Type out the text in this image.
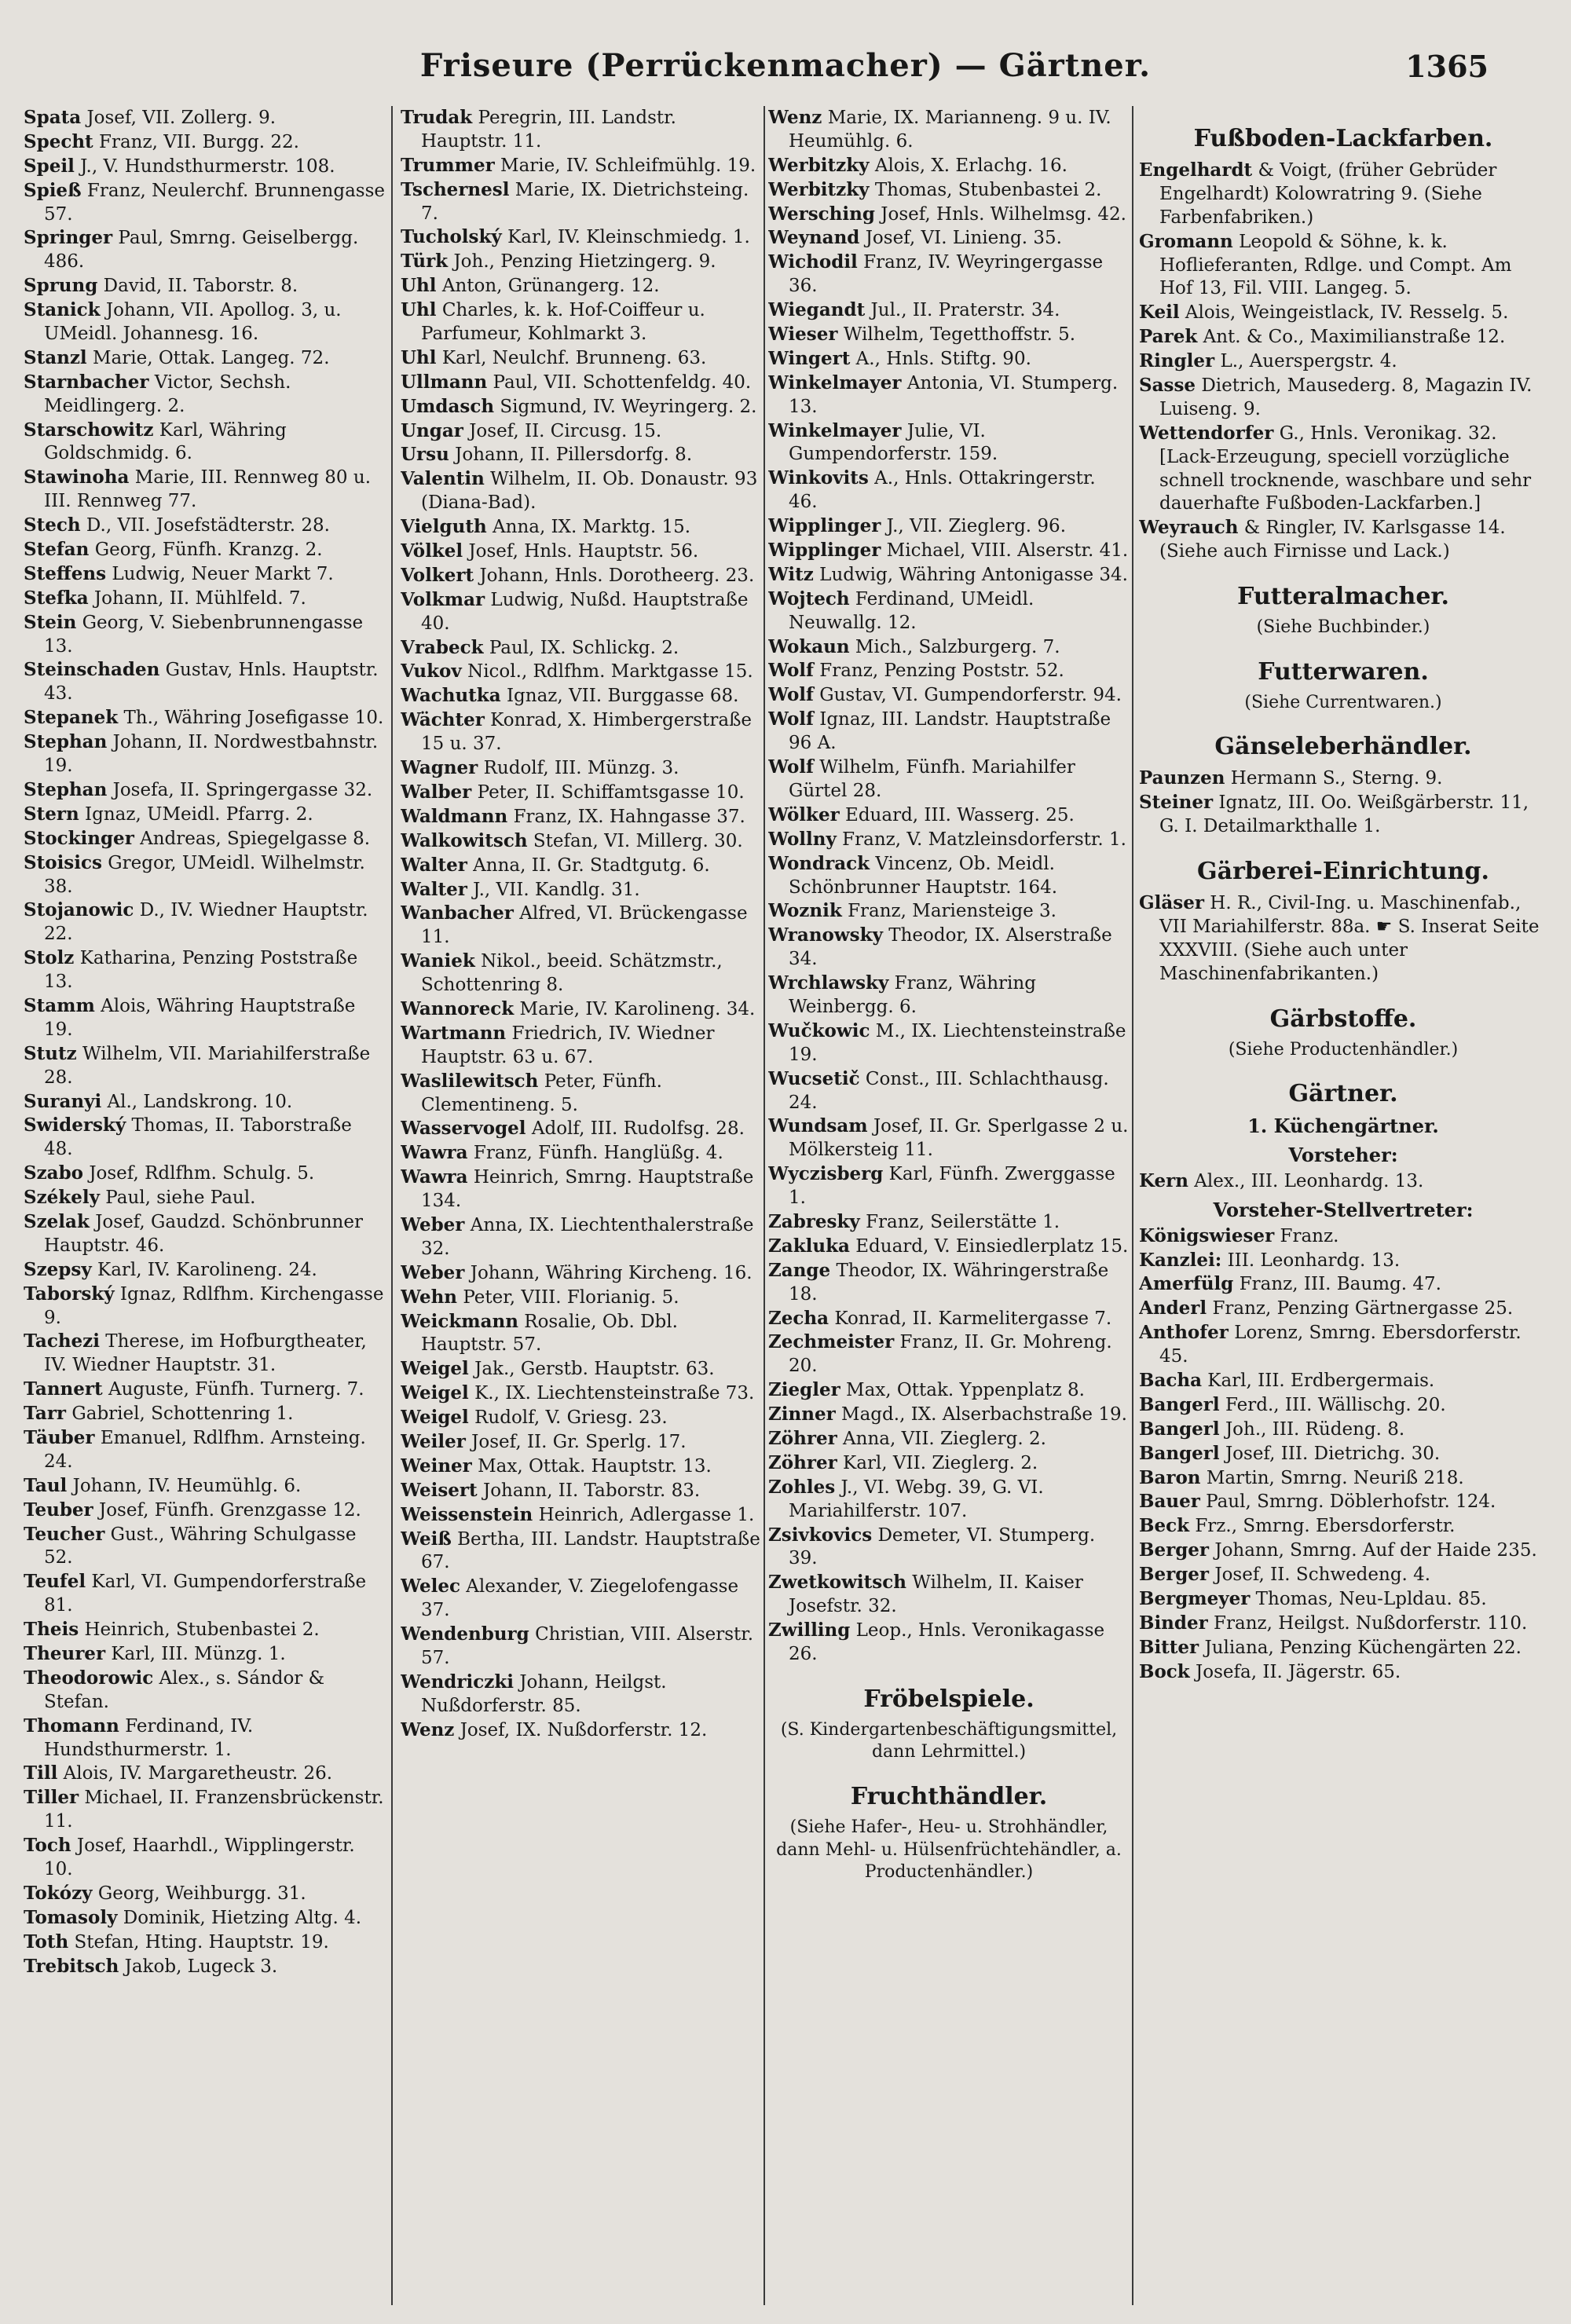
Friseure (Perrückenmacher) — Gärtner.	1365

Spata Josef, VII. Zollerg. 9.

Specht Franz, VII. Burgg. 22.

Speil J., V. Hundsthurmerstr. 108.

Spieß Franz, Neulerchf. Brunnengasse 57.

Springer Paul, Smrng. Geiselbergg. 486.

Sprung David, II. Taborstr. 8.

Stanick Johann, VII. Apollog. 3, u. UMeidl. Johannesg. 16.

Stanzl Marie, Ottak. Langeg. 72.

Starnbacher Victor, Sechsh. Meidlingerg. 2.

Starschowitz Karl, Währing Goldschmidg. 6.

Stawinoha Marie, III. Rennweg 80 u. III. Rennweg 77.

Stech D., VII. Josefstädterstr. 28.

Stefan Georg, Fünfh. Kranzg. 2.

Steffens Ludwig, Neuer Markt 7.

Stefka Johann, II. Mühlfeld. 7.

Stein Georg, V. Siebenbrunnengasse 13.

Steinschaden Gustav, Hnls. Hauptstr. 43.

Stepanek Th., Währing Josefigasse 10.

Stephan Johann, II. Nordwestbahnstr. 19.

Stephan Josefa, II. Springergasse 32.

Stern Ignaz, UMeidl. Pfarrg. 2.

Stockinger Andreas, Spiegelgasse 8.

Stoisics Gregor, UMeidl. Wilhelmstr. 38.

Stojanowic D., IV. Wiedner Hauptstr. 22.

Stolz Katharina, Penzing Poststraße 13.

Stamm Alois, Währing Hauptstraße 19.

Stutz Wilhelm, VII. Mariahilferstraße 28.

Suranyi Al., Landskrong. 10.

Swiderský Thomas, II. Taborstraße 48.

Szabo Josef, Rdlfhm. Schulg. 5.

Székely Paul, siehe Paul.

Szelak Josef, Gaudzd. Schönbrunner Hauptstr. 46.

Szepsy Karl, IV. Karolineng. 24.

Taborský Ignaz, Rdlfhm. Kirchengasse 9.

Tachezi Therese, im Hofburgtheater, IV. Wiedner Hauptstr. 31.

Tannert Auguste, Fünfh. Turnerg. 7.

Tarr Gabriel, Schottenring 1.

Täuber Emanuel, Rdlfhm. Arnsteing. 24.

Taul Johann, IV. Heumühlg. 6.

Teuber Josef, Fünfh. Grenzgasse 12.

Teucher Gust., Währing Schulgasse 52.

Teufel Karl, VI. Gumpendorferstraße 81.

Theis Heinrich, Stubenbastei 2.

Theurer Karl, III. Münzg. 1.

Theodorowic Alex., s. Sándor & Stefan.

Thomann Ferdinand, IV. Hundsthurmerstr. 1.

Till Alois, IV. Margaretheustr. 26.

Tiller Michael, II. Franzensbrückenstr. 11.

Toch Josef, Haarhdl., Wipplingerstr. 10.

Tokózy Georg, Weihburgg. 31.

Tomasoly Dominik, Hietzing Altg. 4.

Toth Stefan, Hting. Hauptstr. 19.

Trebitsch Jakob, Lugeck 3.

Trudak Peregrin, III. Landstr. Hauptstr. 11.

Trummer Marie, IV. Schleifmühlg. 19.

Tschernesl Marie, IX. Dietrichsteing. 7.

Tucholský Karl, IV. Kleinschmiedg. 1.

Türk Joh., Penzing Hietzingerg. 9.

Uhl Anton, Grünangerg. 12.

Uhl Charles, k. k. Hof-Coiffeur u. Parfumeur, Kohlmarkt 3.

Uhl Karl, Neulchf. Brunneng. 63.

Ullmann Paul, VII. Schottenfeldg. 40.

Umdasch Sigmund, IV. Weyringerg. 2.

Ungar Josef, II. Circusg. 15.

Ursu Johann, II. Pillersdorfg. 8.

Valentin Wilhelm, II. Ob. Donaustr. 93 (Diana-Bad).

Vielguth Anna, IX. Marktg. 15.

Völkel Josef, Hnls. Hauptstr. 56.

Volkert Johann, Hnls. Dorotheerg. 23.

Volkmar Ludwig, Nußd. Hauptstraße 40.

Vrabeck Paul, IX. Schlickg. 2.

Vukov Nicol., Rdlfhm. Marktgasse 15.

Wachutka Ignaz, VII. Burggasse 68.

Wächter Konrad, X. Himbergerstraße 15 u. 37.

Wagner Rudolf, III. Münzg. 3.

Walber Peter, II. Schiffamtsgasse 10.

Waldmann Franz, IX. Hahngasse 37.

Walkowitsch Stefan, VI. Millerg. 30.

Walter Anna, II. Gr. Stadtgutg. 6.

Walter J., VII. Kandlg. 31.

Wanbacher Alfred, VI. Brückengasse 11.

Waniek Nikol., beeid. Schätzmstr., Schottenring 8.

Wannoreck Marie, IV. Karolineng. 34.

Wartmann Friedrich, IV. Wiedner Hauptstr. 63 u. 67.

Waslilewitsch Peter, Fünfh. Clementineng. 5.

Wasservogel Adolf, III. Rudolfsg. 28.

Wawra Franz, Fünfh. Hanglüßg. 4.

Wawra Heinrich, Smrng. Hauptstraße 134.

Weber Anna, IX. Liechtenthalerstraße 32.

Weber Johann, Währing Kircheng. 16.

Wehn Peter, VIII. Florianig. 5.

Weickmann Rosalie, Ob. Dbl. Hauptstr. 57.

Weigel Jak., Gerstb. Hauptstr. 63.

Weigel K., IX. Liechtensteinstraße 73.

Weigel Rudolf, V. Griesg. 23.

Weiler Josef, II. Gr. Sperlg. 17.

Weiner Max, Ottak. Hauptstr. 13.

Weisert Johann, II. Taborstr. 83.

Weissenstein Heinrich, Adlergasse 1.

Weiß Bertha, III. Landstr. Hauptstraße 67.

Welec Alexander, V. Ziegelofengasse 37.

Wendenburg Christian, VIII. Alserstr. 57.

Wendriczki Johann, Heilgst. Nußdorferstr. 85.

Wenz Josef, IX. Nußdorferstr. 12.

Wenz Marie, IX. Marianneng. 9 u. IV. Heumühlg. 6.

Werbitzky Alois, X. Erlachg. 16.

Werbitzky Thomas, Stubenbastei 2.

Wersching Josef, Hnls. Wilhelmsg. 42.

Weynand Josef, VI. Linieng. 35.

Wichodil Franz, IV. Weyringergasse 36.

Wiegandt Jul., II. Praterstr. 34.

Wieser Wilhelm, Tegetthoffstr. 5.

Wingert A., Hnls. Stiftg. 90.

Winkelmayer Antonia, VI. Stumperg. 13.

Winkelmayer Julie, VI. Gumpendorferstr. 159.

Winkovits A., Hnls. Ottakringerstr. 46.

Wipplinger J., VII. Zieglerg. 96.

Wipplinger Michael, VIII. Alserstr. 41.

Witz Ludwig, Währing Antonigasse 34.

Wojtech Ferdinand, UMeidl. Neuwallg. 12.

Wokaun Mich., Salzburgerg. 7.

Wolf Franz, Penzing Poststr. 52.

Wolf Gustav, VI. Gumpendorferstr. 94.

Wolf Ignaz, III. Landstr. Hauptstraße 96 A.

Wolf Wilhelm, Fünfh. Mariahilfer Gürtel 28.

Wölker Eduard, III. Wasserg. 25.

Wollny Franz, V. Matzleinsdorferstr. 1.

Wondrack Vincenz, Ob. Meidl. Schönbrunner Hauptstr. 164.

Woznik Franz, Mariensteige 3.

Wranowsky Theodor, IX. Alserstraße 34.

Wrchlawsky Franz, Währing Weinbergg. 6.

Wučkowic M., IX. Liechtensteinstraße 19.

Wucsetič Const., III. Schlachthausg. 24.

Wundsam Josef, II. Gr. Sperlgasse 2 u. Mölkersteig 11.

Wyczisberg Karl, Fünfh. Zwerggasse 1.

Zabresky Franz, Seilerstätte 1.

Zakluka Eduard, V. Einsiedlerplatz 15.

Zange Theodor, IX. Währingerstraße 18.

Zecha Konrad, II. Karmelitergasse 7.

Zechmeister Franz, II. Gr. Mohreng. 20.

Ziegler Max, Ottak. Yppenplatz 8.

Zinner Magd., IX. Alserbachstraße 19.

Zöhrer Anna, VII. Zieglerg. 2.

Zöhrer Karl, VII. Zieglerg. 2.

Zohles J., VI. Webg. 39, G. VI. Mariahilferstr. 107.

Zsivkovics Demeter, VI. Stumperg. 39.

Zwetkowitsch Wilhelm, II. Kaiser Josefstr. 32.

Zwilling Leop., Hnls. Veronikagasse 26.

Fröbelspiele.
(S. Kindergartenbeschäftigungsmittel, dann Lehrmittel.)
Fruchthändler.
(Siehe Hafer-, Heu- u. Strohhändler, dann Mehl- u. Hülsenfrüchtehändler, a. Productenhändler.)
Fußboden-Lackfarben.

Engelhardt & Voigt, (früher Gebrüder Engelhardt) Kolowratring 9. (Siehe Farbenfabriken.)

Gromann Leopold & Söhne, k. k. Hoflieferanten, Rdlge. und Compt. Am Hof 13, Fil. VIII. Langeg. 5.

Keil Alois, Weingeistlack, IV. Resselg. 5.

Parek Ant. & Co., Maximilianstraße 12.

Ringler L., Auerspergstr. 4.

Sasse Dietrich, Mausederg. 8, Magazin IV. Luiseng. 9.

Wettendorfer G., Hnls. Veronikag. 32. [Lack-Erzeugung, speciell vorzügliche schnell trocknende, waschbare und sehr dauerhafte Fußboden-Lackfarben.]

Weyrauch & Ringler, IV. Karlsgasse 14. (Siehe auch Firnisse und Lack.)

Futteralmacher.
(Siehe Buchbinder.)
Futterwaren.
(Siehe Currentwaren.)
Gänseleberhändler.

Paunzen Hermann S., Sterng. 9.

Steiner Ignatz, III. Oo. Weißgärberstr. 11, G. I. Detailmarkthalle 1.

Gärberei-Einrichtung.

Gläser H. R., Civil-Ing. u. Maschinenfab., VII Mariahilferstr. 88a. ☛ S. Inserat Seite XXXVIII. (Siehe auch unter Maschinenfabrikanten.)

Gärbstoffe.
(Siehe Productenhändler.)
Gärtner.
1. Küchengärtner.
Vorsteher:

Kern Alex., III. Leonhardg. 13.

Vorsteher-Stellvertreter:

Königswieser Franz.

Kanzlei: III. Leonhardg. 13.

Amerfülg Franz, III. Baumg. 47.

Anderl Franz, Penzing Gärtnergasse 25.

Anthofer Lorenz, Smrng. Ebersdorferstr. 45.

Bacha Karl, III. Erdbergermais.

Bangerl Ferd., III. Wällischg. 20.

Bangerl Joh., III. Rüdeng. 8.

Bangerl Josef, III. Dietrichg. 30.

Baron Martin, Smrng. Neuriß 218.

Bauer Paul, Smrng. Döblerhofstr. 124.

Beck Frz., Smrng. Ebersdorferstr.

Berger Johann, Smrng. Auf der Haide 235.

Berger Josef, II. Schwedeng. 4.

Bergmeyer Thomas, Neu-Lpldau. 85.

Binder Franz, Heilgst. Nußdorferstr. 110.

Bitter Juliana, Penzing Küchengärten 22.

Bock Josefa, II. Jägerstr. 65.
